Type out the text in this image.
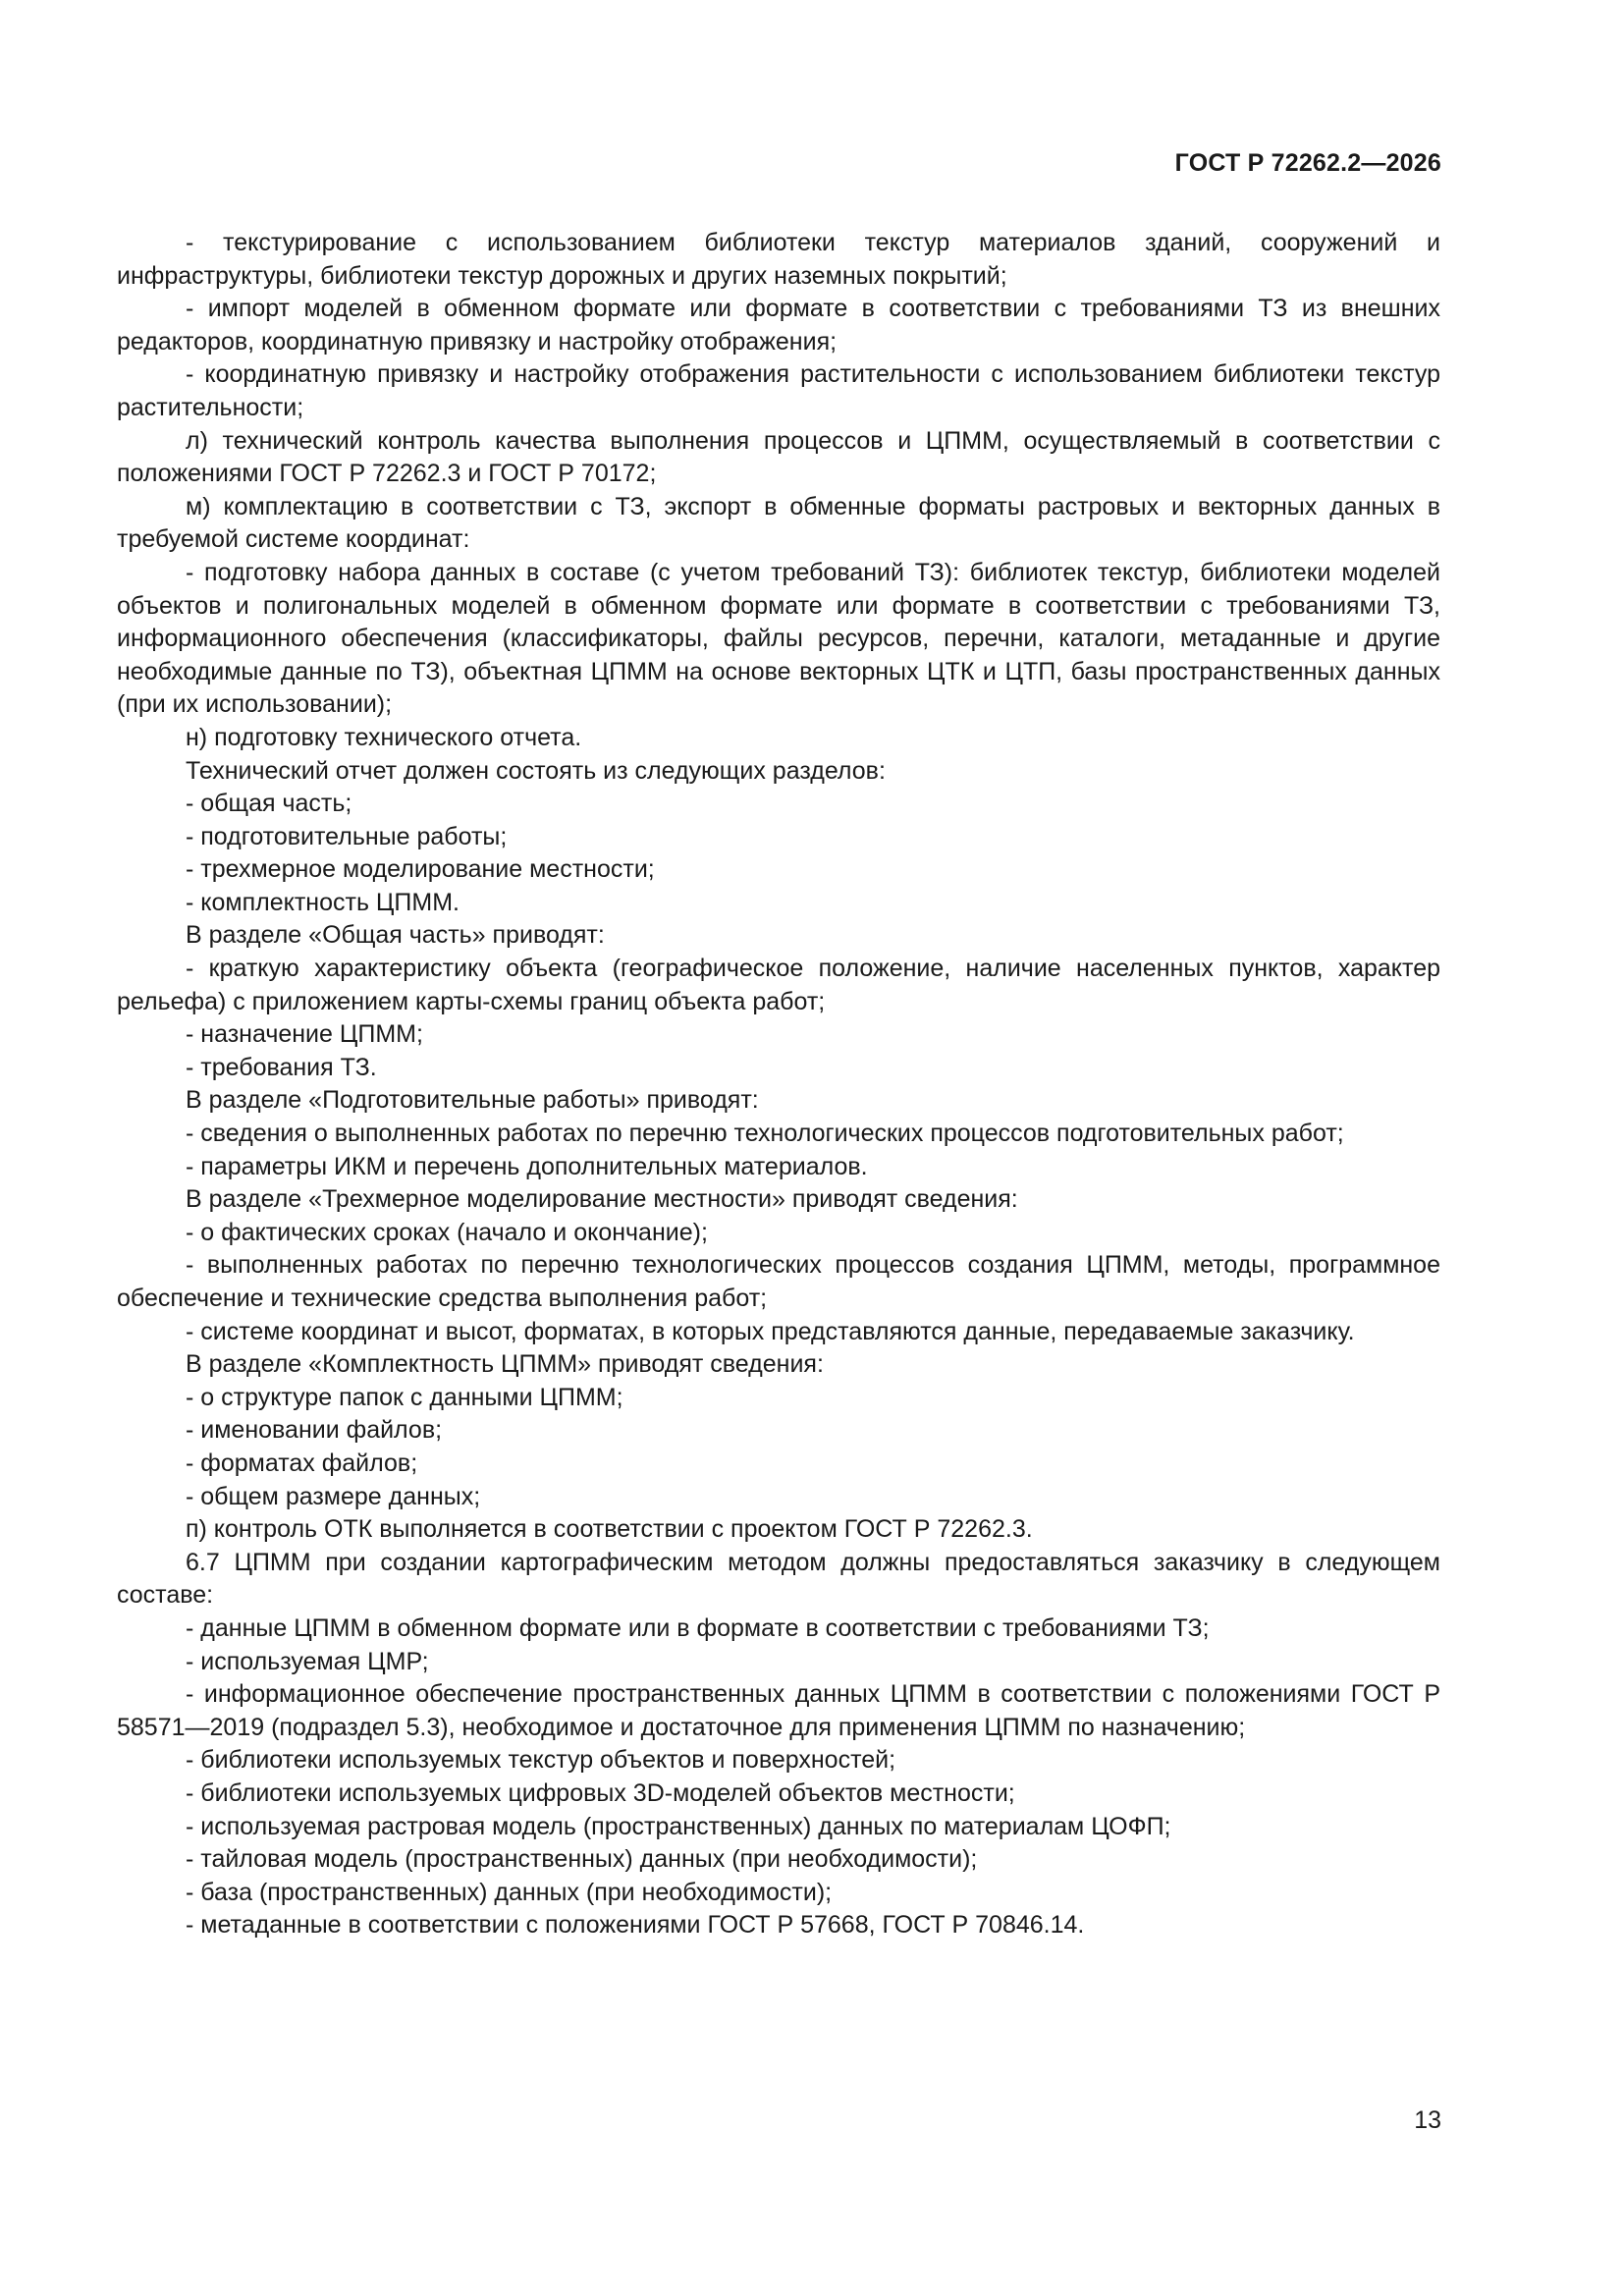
ГОСТ Р 72262.2—2026

- текстурирование с использованием библиотеки текстур материалов зданий, сооружений и инфраструктуры, библиотеки текстур дорожных и других наземных покрытий;

- импорт моделей в обменном формате или формате в соответствии с требованиями ТЗ из внешних редакторов, координатную привязку и настройку отображения;

- координатную привязку и настройку отображения растительности с использованием библиотеки текстур растительности;

л) технический контроль качества выполнения процессов и ЦПММ, осуществляемый в соответствии с положениями ГОСТ Р 72262.3 и ГОСТ Р 70172;

м) комплектацию в соответствии с ТЗ, экспорт в обменные форматы растровых и векторных данных в требуемой системе координат:

- подготовку набора данных в составе (с учетом требований ТЗ): библиотек текстур, библиотеки моделей объектов и полигональных моделей в обменном формате или формате в соответствии с требованиями ТЗ, информационного обеспечения (классификаторы, файлы ресурсов, перечни, каталоги, метаданные и другие необходимые данные по ТЗ), объектная ЦПММ на основе векторных ЦТК и ЦТП, базы пространственных данных (при их использовании);

н) подготовку технического отчета.

Технический отчет должен состоять из следующих разделов:

- общая часть;

- подготовительные работы;

- трехмерное моделирование местности;

- комплектность ЦПММ.

В разделе «Общая часть» приводят:

- краткую характеристику объекта (географическое положение, наличие населенных пунктов, характер рельефа) с приложением карты-схемы границ объекта работ;

- назначение ЦПММ;

- требования ТЗ.

В разделе «Подготовительные работы» приводят:

- сведения о выполненных работах по перечню технологических процессов подготовительных работ;

- параметры ИКМ и перечень дополнительных материалов.

В разделе «Трехмерное моделирование местности» приводят сведения:

- о фактических сроках (начало и окончание);

- выполненных работах по перечню технологических процессов создания ЦПММ, методы, программное обеспечение и технические средства выполнения работ;

- системе координат и высот, форматах, в которых представляются данные, передаваемые заказчику.

В разделе «Комплектность ЦПММ» приводят сведения:

- о структуре папок с данными ЦПММ;

- именовании файлов;

- форматах файлов;

- общем размере данных;

п) контроль ОТК выполняется в соответствии с проектом ГОСТ Р 72262.3.

6.7 ЦПММ при создании картографическим методом должны предоставляться заказчику в следующем составе:

- данные ЦПММ в обменном формате или в формате в соответствии с требованиями ТЗ;

- используемая ЦМР;

- информационное обеспечение пространственных данных ЦПММ в соответствии с положениями ГОСТ Р 58571—2019 (подраздел 5.3), необходимое и достаточное для применения ЦПММ по назначению;

- библиотеки используемых текстур объектов и поверхностей;

- библиотеки используемых цифровых 3D-моделей объектов местности;

- используемая растровая модель (пространственных) данных по материалам ЦОФП;

- тайловая модель (пространственных) данных (при необходимости);

- база (пространственных) данных (при необходимости);

- метаданные в соответствии с положениями ГОСТ Р 57668, ГОСТ Р 70846.14.

13
